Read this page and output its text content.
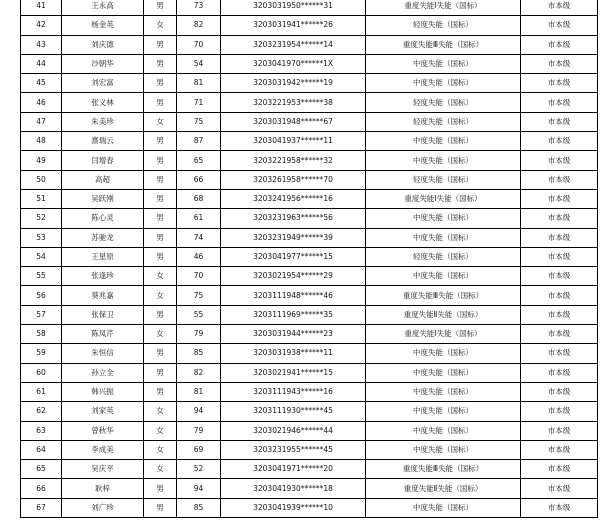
41	王永高	男	73	3203031950******31	重度失能Ⅰ失能（国标）	市本级
42	杨金英	女	82	3203031941******26	轻度失能（国标）	市本级
43	刘庆德	男	70	3203231954******14	重度失能Ⅲ失能（国标）	市本级
44	沙朝华	男	54	3203041970******1X	中度失能（国标）	市本级
45	刘宏富	男	81	3203031942******19	中度失能（国标）	市本级
46	张义林	男	71	3203221953******38	轻度失能（国标）	市本级
47	朱美珍	女	75	3203031948******67	轻度失能（国标）	市本级
48	熹瑞云	男	87	3203041937******11	中度失能（国标）	市本级
49	闫增春	男	65	3203221958******32	中度失能（国标）	市本级
50	高超	男	66	3203261958******70	轻度失能（国标）	市本级
51	吴跃刚	男	68	3203241956******16	重度失能Ⅰ失能（国标）	市本级
52	陈心灵	男	61	3203231963******56	中度失能（国标）	市本级
53	苏驰龙	男	74	3203231949******39	中度失能（国标）	市本级
54	王星原	男	46	3203041977******15	轻度失能（国标）	市本级
55	张逢珍	女	70	3203021954******29	中度失能（国标）	市本级
56	葵兆嘉	女	75	3203111948******46	重度失能Ⅲ失能（国标）	市本级
57	张保卫	男	55	3203111969******35	重度失能Ⅱ失能（国标）	市本级
58	陈凤芹	女	79	3203031944******23	重度失能Ⅰ失能（国标）	市本级
59	朱恒信	男	85	3203031938******11	中度失能（国标）	市本级
60	孙立全	男	82	3203021941******15	中度失能（国标）	市本级
61	韩兴振	男	81	3203111943******16	中度失能（国标）	市本级
62	刘家英	女	94	3203111930******45	中度失能（国标）	市本级
63	曾秋华	女	79	3203021946******44	中度失能（国标）	市本级
64	李成美	女	69	3203231955******45	中度失能（国标）	市本级
65	吴庆平	女	52	3203041971******20	重度失能Ⅲ失能（国标）	市本级
66	耿梓	男	94	3203041930******18	重度失能Ⅱ失能（国标）	市本级
67	刘广珍	男	85	3203041939******10	中度失能（国标）	市本级
